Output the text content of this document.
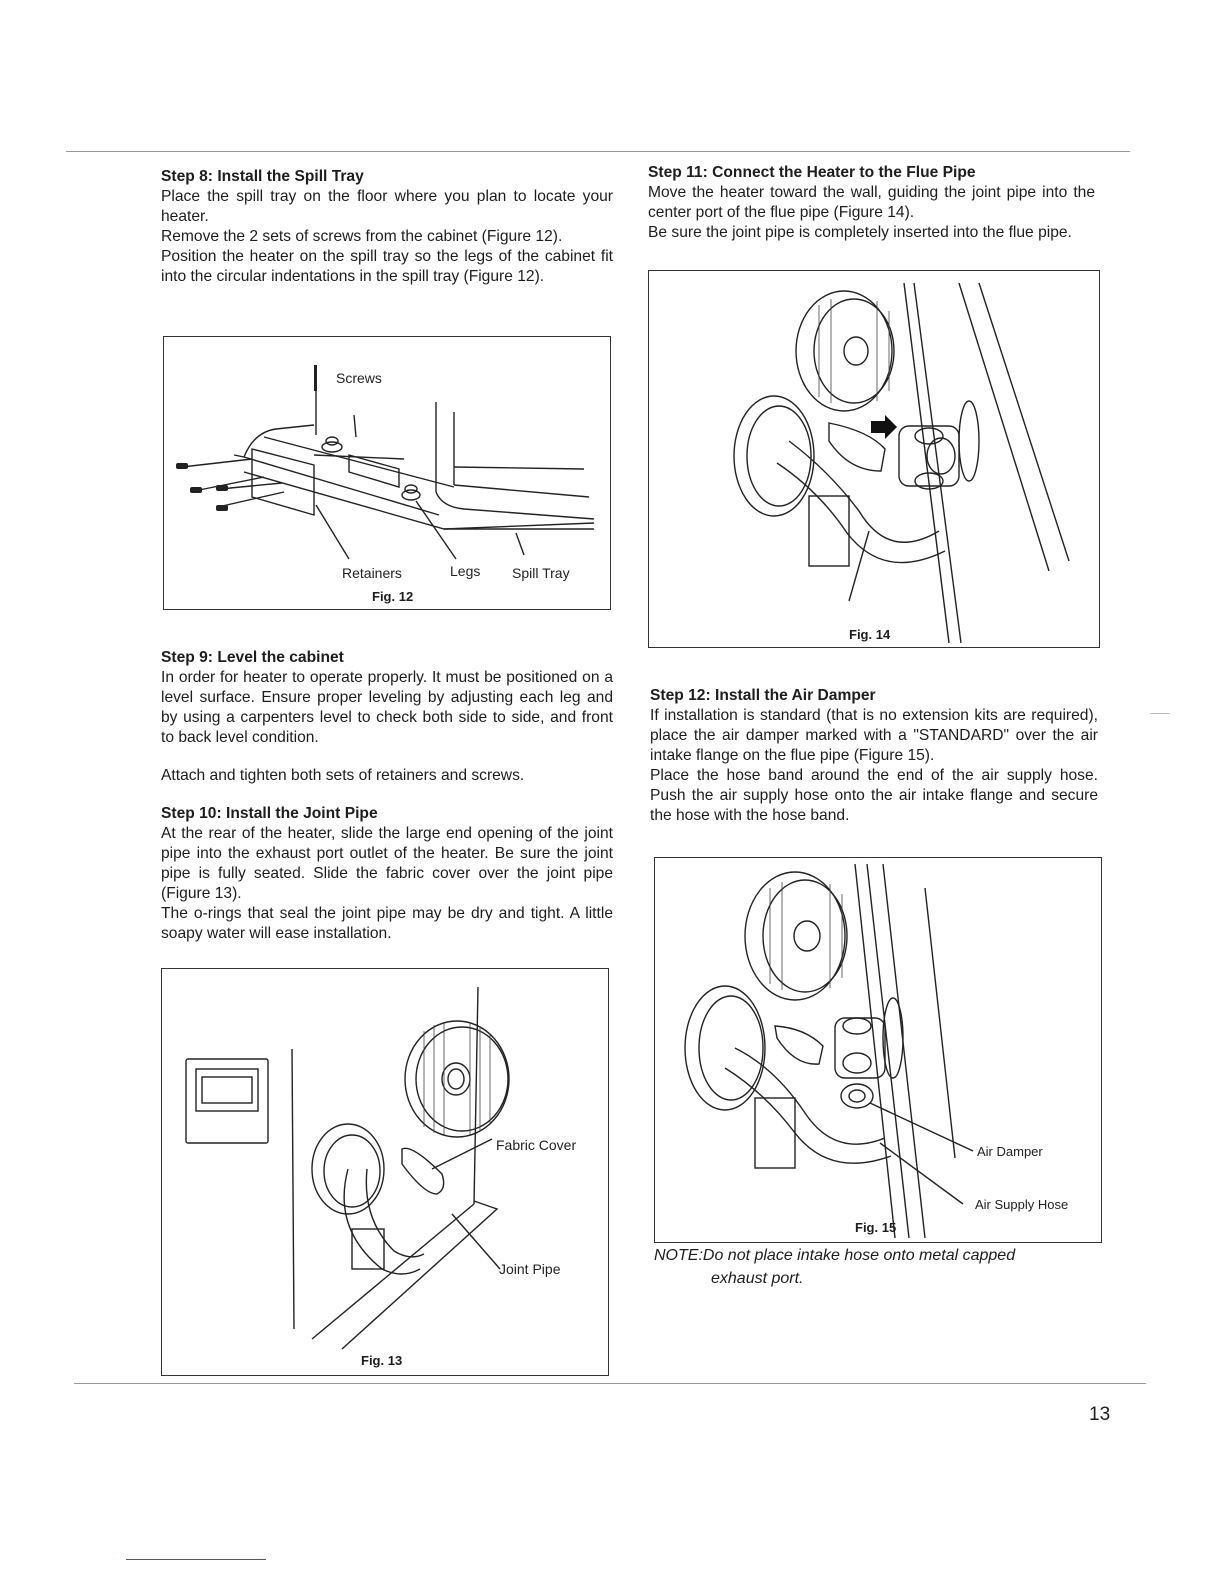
Step 8: Install the Spill Tray

Place the spill tray on the floor where you plan to locate your heater.

Remove the 2 sets of screws from the cabinet (Figure 12).

Position the heater on the spill tray so the legs of the cabinet fit into the circular indentations in the spill tray (Figure 12).

Screws
Retainers	Legs Spill Tray
Fig. 12
Step 9: Level the cabinet

In order for heater to operate properly. It must be positioned on a level surface. Ensure proper leveling by adjusting each leg and by using a carpenters level to check both side to side, and front to back level condition.

Attach and tighten both sets of retainers and screws.

Step 10: Install the Joint Pipe

At the rear of the heater, slide the large end opening of the joint pipe into the exhaust port outlet of the heater. Be sure the joint pipe is fully seated. Slide the fabric cover over the joint pipe (Figure 13).

The o-rings that seal the joint pipe may be dry and tight. A little soapy water will ease installation.

Fabric Cover
Joint Pipe
Fig. 13
Step 11: Connect the Heater to the Flue Pipe

Move the heater toward the wall, guiding the joint pipe into the center port of the flue pipe (Figure 14).

Be sure the joint pipe is completely inserted into the flue pipe.

Fig. 14
Step 12: Install the Air Damper

If installation is standard (that is no extension kits are required), place the air damper marked with a "STANDARD" over the air intake flange on the flue pipe (Figure 15).

Place the hose band around the end of the air supply hose. Push the air supply hose onto the air intake flange and secure the hose with the hose band.

Air Damper
Air Supply Hose
Fig. 15
NOTE:Do not place intake hose onto metal capped
exhaust port.
13
